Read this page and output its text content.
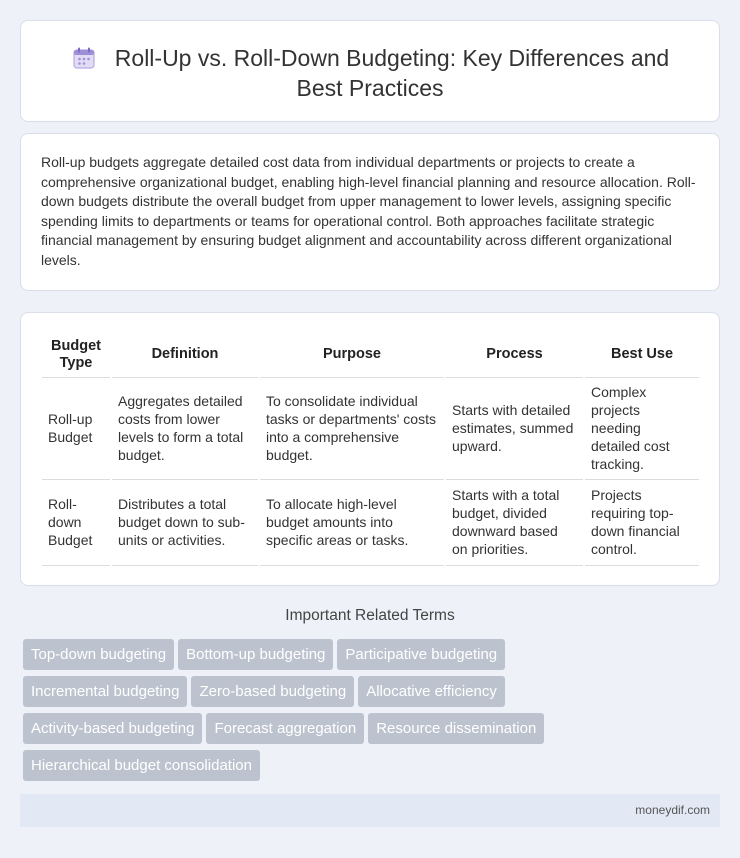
Roll-Up vs. Roll-Down Budgeting: Key Differences and Best Practices

Roll-up budgets aggregate detailed cost data from individual departments or projects to create a comprehensive organizational budget, enabling high-level financial planning and resource allocation. Roll-down budgets distribute the overall budget from upper management to lower levels, assigning specific spending limits to departments or teams for operational control. Both approaches facilitate strategic financial management by ensuring budget alignment and accountability across different organizational levels.

Budget Type	Definition	Purpose	Process	Best Use
Roll-up Budget	Aggregates detailed costs from lower levels to form a total budget.	To consolidate individual tasks or departments' costs into a comprehensive budget.	Starts with detailed estimates, summed upward.	Complex projects needing detailed cost tracking.
Roll-down Budget	Distributes a total budget down to sub-units or activities.	To allocate high-level budget amounts into specific areas or tasks.	Starts with a total budget, divided downward based on priorities.	Projects requiring top-down financial control.
Important Related Terms
Top-down budgeting Bottom-up budgeting Participative budgeting
Incremental budgeting Zero-based budgeting Allocative efficiency
Activity-based budgeting Forecast aggregation Resource dissemination
Hierarchical budget consolidation
moneydif.com
